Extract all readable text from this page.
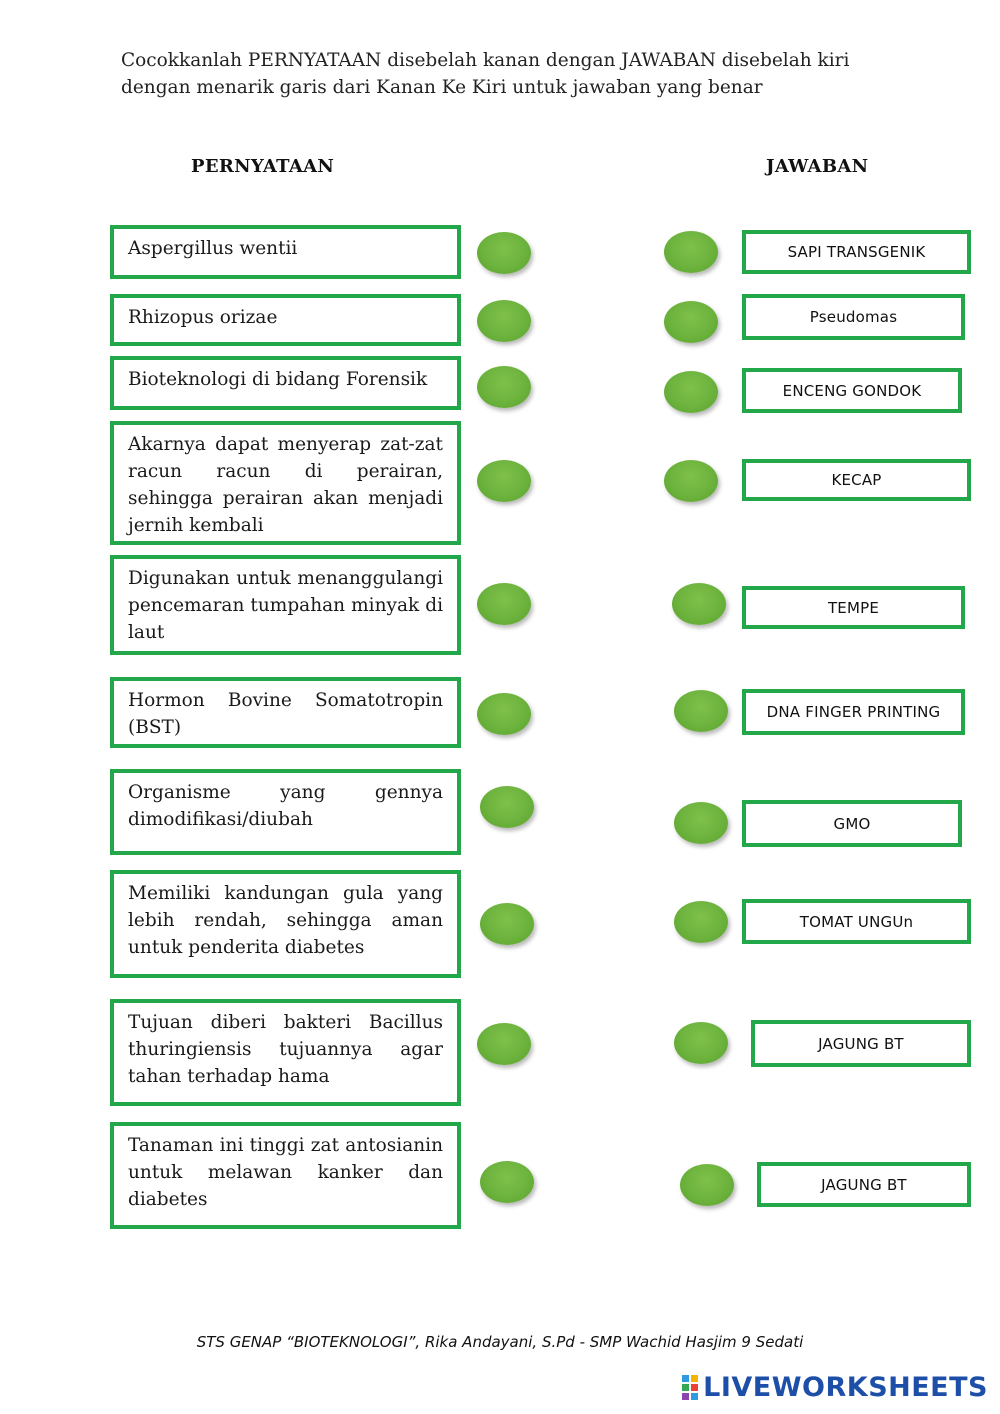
Cocokkanlah PERNYATAAN disebelah kanan dengan JAWABAN disebelah kiri dengan menarik garis dari Kanan Ke Kiri untuk jawaban yang benar
PERNYATAAN	JAWABAN
Aspergillus wentii
Rhizopus orizae
Bioteknologi di bidang Forensik
Akarnya dapat menyerap zat-zat racun racun di perairan, sehingga perairan akan menjadi jernih kembali
Digunakan untuk menanggulangi pencemaran tumpahan minyak di laut
Hormon Bovine Somatotropin (BST)
Organisme yang gennya dimodifikasi/diubah
Memiliki kandungan gula yang lebih rendah, sehingga aman untuk penderita diabetes
Tujuan diberi bakteri Bacillus thuringiensis tujuannya agar tahan terhadap hama
Tanaman ini tinggi zat antosianin untuk melawan kanker dan diabetes
SAPI TRANSGENIK
Pseudomas
ENCENG GONDOK
KECAP
TEMPE
DNA FINGER PRINTING
GMO
TOMAT UNGUn
JAGUNG BT
JAGUNG BT
STS GENAP “BIOTEKNOLOGI”, Rika Andayani, S.Pd - SMP Wachid Hasjim 9 Sedati
LIVEWORKSHEETS
